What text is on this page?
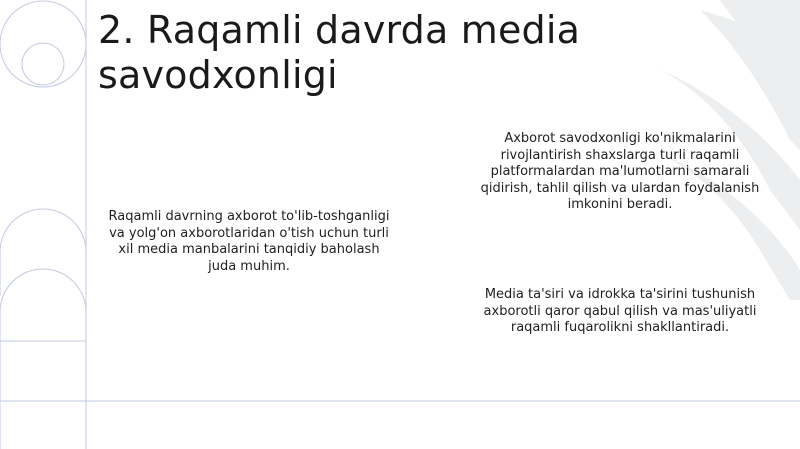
2. Raqamli davrda media savodxonligi

Raqamli davrning axborot to'lib-toshganligi va yolg'on axborotlaridan o'tish uchun turli xil media manbalarini tanqidiy baholash juda muhim.

Axborot savodxonligi ko'nikmalarini rivojlantirish shaxslarga turli raqamli platformalardan ma'lumotlarni samarali qidirish, tahlil qilish va ulardan foydalanish imkonini beradi.

Media ta'siri va idrokka ta'sirini tushunish axborotli qaror qabul qilish va mas'uliyatli raqamli fuqarolikni shakllantiradi.
